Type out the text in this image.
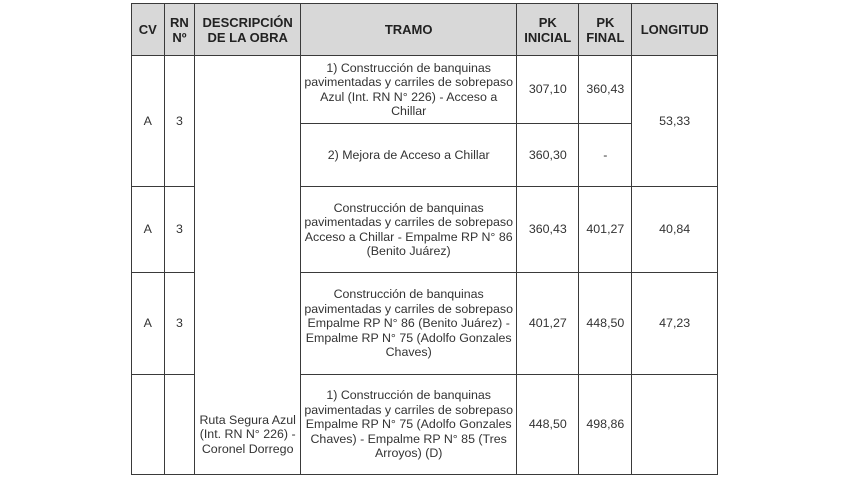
CV	RN Nº	DESCRIPCIÓN DE LA OBRA	TRAMO	PK INICIAL	PK FINAL	LONGITUD
A	3	Ruta Segura Azul (Int. RN N° 226) - Coronel Dorrego	1) Construcción de banquinas pavimentadas y carriles de sobrepaso Azul (Int. RN N° 226) - Acceso a Chillar	307,10	360,43	53,33
			2) Mejora de Acceso a Chillar	360,30	-	
A	3		Construcción de banquinas pavimentadas y carriles de sobrepaso Acceso a Chillar - Empalme RP N° 86 (Benito Juárez)	360,43	401,27	40,84
A	3		Construcción de banquinas pavimentadas y carriles de sobrepaso Empalme RP N° 86 (Benito Juárez) - Empalme RP N° 75 (Adolfo Gonzales Chaves)	401,27	448,50	47,23
			1) Construcción de banquinas pavimentadas y carriles de sobrepaso Empalme RP N° 75 (Adolfo Gonzales Chaves) - Empalme RP N° 85 (Tres Arroyos) (D)	448,50	498,86	
